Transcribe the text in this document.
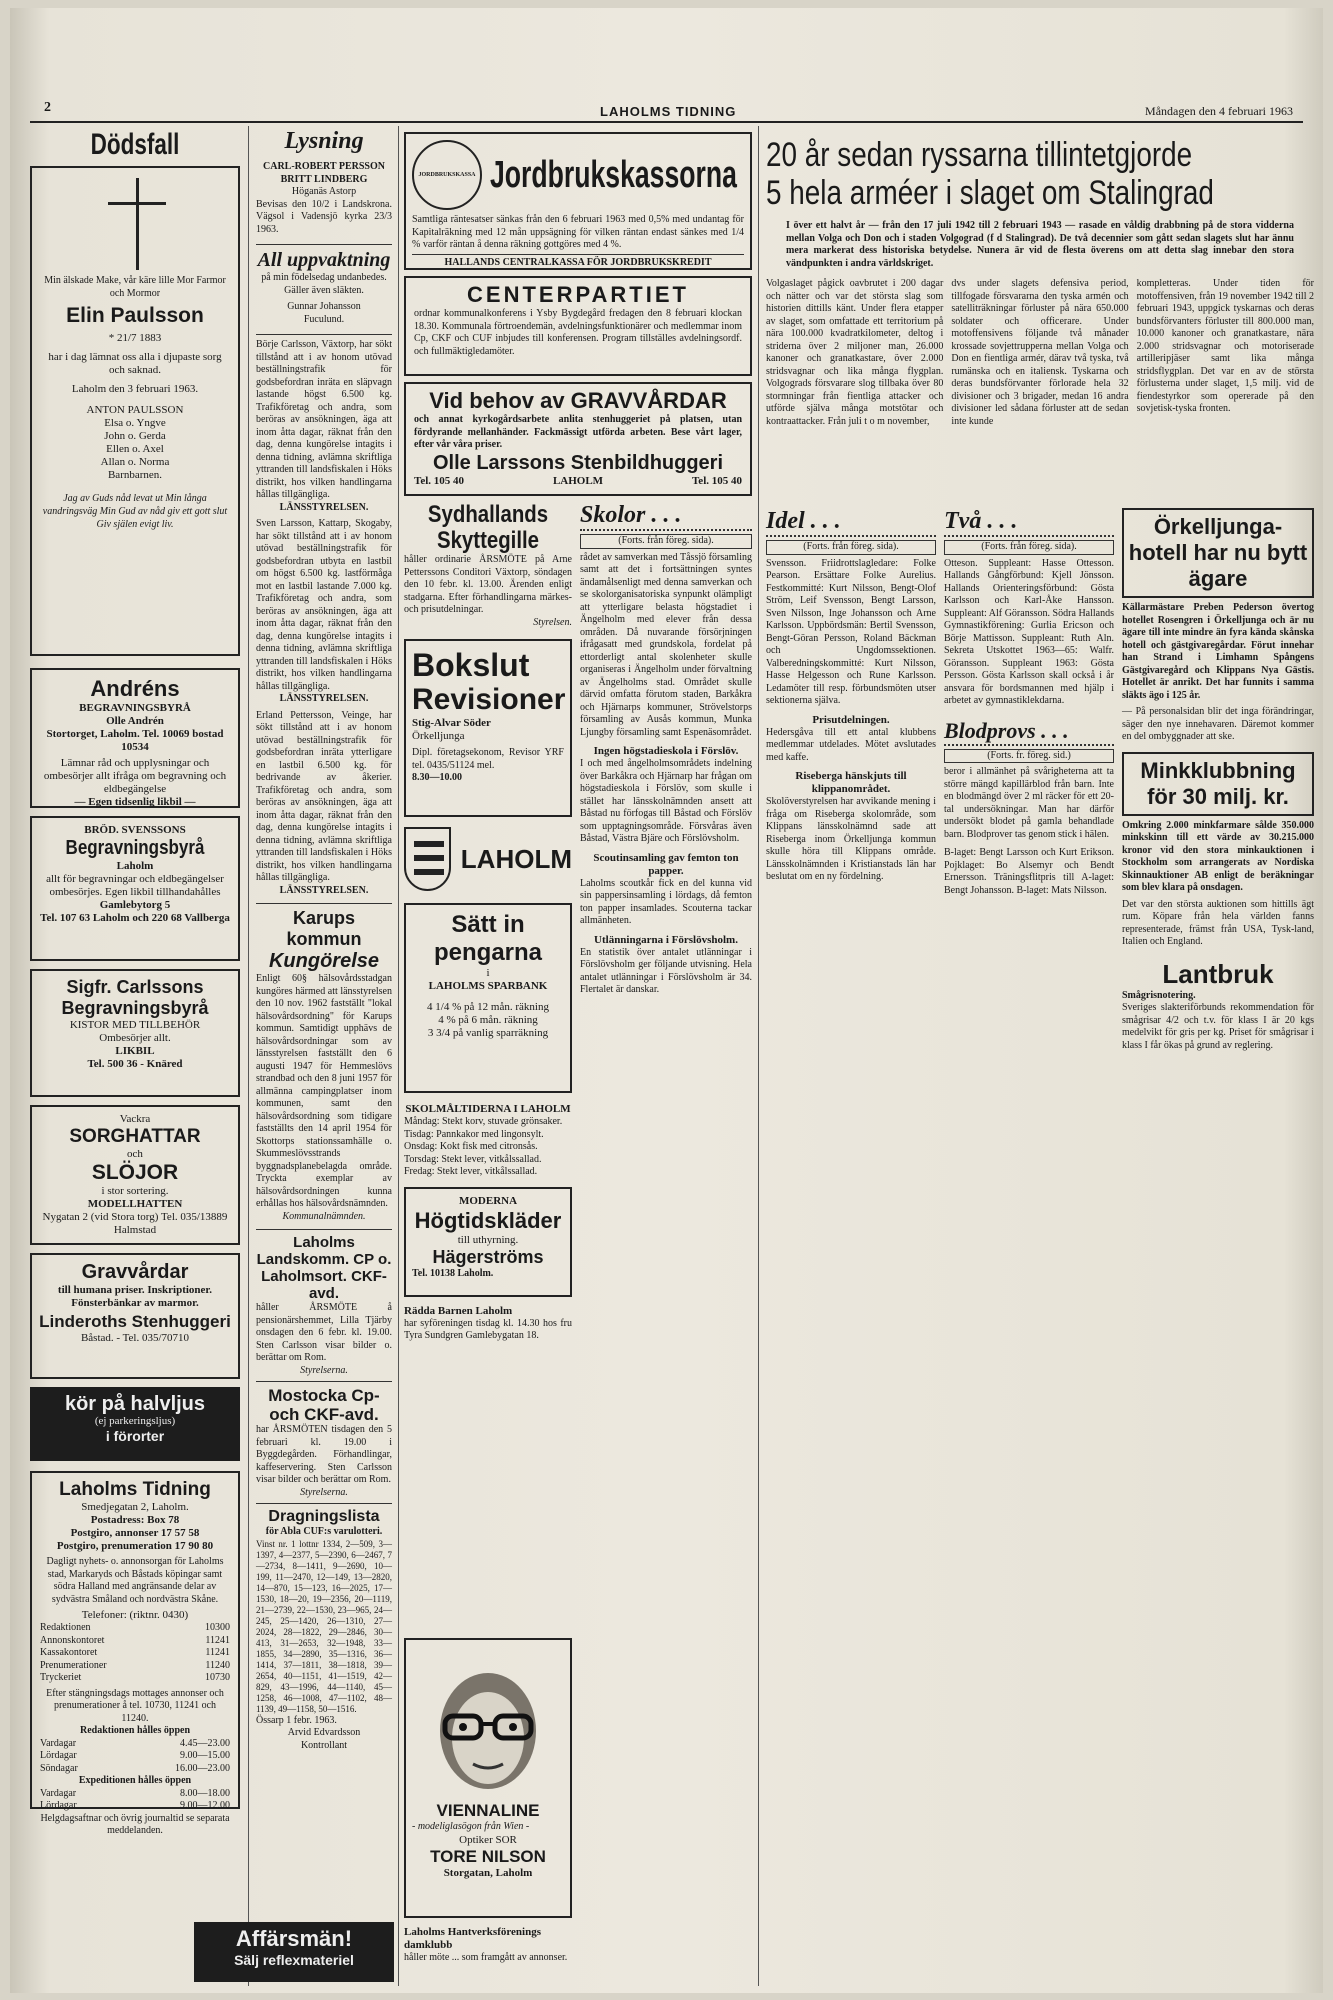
2	LAHOLMS TIDNING	Måndagen den 4 februari 1963
Dödsfall
Min älskade Make, vår käre lille Mor Farmor och Mormor
Elin Paulsson
* 21/7 1883
har i dag lämnat oss alla i djupaste sorg och saknad.
Laholm den 3 februari 1963.
ANTON PAULSSON
Elsa o. Yngve
John o. Gerda
Ellen o. Axel
Allan o. Norma
Barnbarnen.
Jag av Guds nåd levat ut Min långa vandringsväg Min Gud av nåd giv ett gott slut Giv själen evigt liv.
Andréns
BEGRAVNINGSBYRÅ
Olle Andrén
Stortorget, Laholm. Tel. 10069 bostad 10534
Lämnar råd och upplysningar och ombesörjer allt ifråga om begravning och eldbegängelse
— Egen tidsenlig likbil —
BRÖD. SVENSSONS
Begravningsbyrå
Laholm
allt för begravningar och eldbegängelser ombesörjes. Egen likbil tillhandahålles
Gamlebytorg 5
Tel. 107 63 Laholm och 220 68 Vallberga
Sigfr. Carlssons Begravningsbyrå
KISTOR MED TILLBEHÖR
Ombesörjer allt.
LIKBIL
Tel. 500 36 - Knäred
Vackra
SORGHATTAR
och
SLÖJOR
i stor sortering.
MODELLHATTEN
Nygatan 2 (vid Stora torg) Tel. 035/13889 Halmstad
Gravvårdar
till humana priser. Inskriptioner. Fönsterbänkar av marmor.
Linderoths Stenhuggeri
Båstad. - Tel. 035/70710
kör på halvljus
(ej parkeringsljus)
i förorter
Laholms Tidning
Smedjegatan 2, Laholm.
Postadress: Box 78
Postgiro, annonser 17 57 58
Postgiro, prenumeration 17 90 80
Dagligt nyhets- o. annonsorgan för Laholms stad, Markaryds och Båstads köpingar samt södra Halland med angränsande delar av sydvästra Småland och nordvästra Skåne.
Telefoner: (riktnr. 0430)
Redaktionen	10300
Annonskontoret	11241
Kassakontoret	11241
Prenumerationer	11240
Tryckeriet	10730
Efter stängningsdags mottages annonser och prenumerationer å tel. 10730, 11241 och 11240.
Redaktionen hålles öppen
Vardagar	4.45—23.00
Lördagar	9.00—15.00
Söndagar	16.00—23.00
Expeditionen hålles öppen
Vardagar	8.00—18.00
Lördagar	9.00—12.00
Helgdagsaftnar och övrig journaltid se separata meddelanden.
Lysning
CARL-ROBERT PERSSON BRITT LINDBERG
Höganäs Astorp
Bevisas den 10/2 i Landskrona. Vägsol i Vadensjö kyrka 23/3 1963.
All uppvaktning
på min födelsedag undanbedes. Gäller även släkten.
Gunnar Johansson
Fuculund.
Börje Carlsson, Växtorp, har sökt tillstånd att i av honom utövad beställningstrafik för godsbefordran inräta en släpvagn lastande högst 6.500 kg. Trafikföretag och andra, som beröras av ansökningen, äga att inom åtta dagar, räknat från den dag, denna kungörelse intagits i denna tidning, avlämna skriftliga yttranden till landsfiskalen i Höks distrikt, hos vilken handlingarna hållas tillgängliga.
LÄNSSTYRELSEN.
Sven Larsson, Kattarp, Skogaby, har sökt tillstånd att i av honom utövad beställningstrafik för godsbefordran utbyta en lastbil om högst 6.500 kg. lastförmåga mot en lastbil lastande 7.000 kg. Trafikföretag och andra, som beröras av ansökningen, äga att inom åtta dagar, räknat från den dag, denna kungörelse intagits i denna tidning, avlämna skriftliga yttranden till landsfiskalen i Höks distrikt, hos vilken handlingarna hållas tillgängliga.
LÄNSSTYRELSEN.
Erland Pettersson, Veinge, har sökt tillstånd att i av honom utövad beställningstrafik för godsbefordran inräta ytterligare en lastbil 6.500 kg. för bedrivande av åkerier. Trafikföretag och andra, som beröras av ansökningen, äga att inom åtta dagar, räknat från den dag, denna kungörelse intagits i denna tidning, avlämna skriftliga yttranden till landsfiskalen i Höks distrikt, hos vilken handlingarna hållas tillgängliga.
LÄNSSTYRELSEN.
Karups kommun
Kungörelse
Enligt 60§ hälsovårdsstadgan kungöres härmed att länsstyrelsen den 10 nov. 1962 fastställt "lokal hälsovårdsordning" för Karups kommun. Samtidigt upphävs de hälsovårdsordningar som av länsstyrelsen fastställt den 6 augusti 1947 för Hemmeslövs strandbad och den 8 juni 1957 för allmänna campingplatser inom kommunen, samt den hälsovårdsordning som tidigare fastställts den 14 april 1954 för Skottorps stationssamhälle o. Skummeslövsstrands byggnadsplanebelagda område. Tryckta exemplar av hälsovårdsordningen kunna erhållas hos hälsovårdsnämnden.
Kommunalnämnden.
Laholms Landskomm. CP o. Laholmsort. CKF-avd.
håller ÅRSMÖTE å pensionärshemmet, Lilla Tjärby onsdagen den 6 febr. kl. 19.00. Sten Carlsson visar bilder o. berättar om Rom.
Styrelserna.
Mostocka Cp- och CKF-avd.
har ÅRSMÖTEN tisdagen den 5 februari kl. 19.00 i Byggdegården. Förhandlingar, kaffeservering. Sten Carlsson visar bilder och berättar om Rom.
Styrelserna.
Dragningslista
för Abla CUF:s varulotteri.
Vinst nr. 1 lottnr 1334, 2—509, 3—1397, 4—2377, 5—2390, 6—2467, 7—2734, 8—1411, 9—2690, 10—199, 11—2470, 12—149, 13—2820, 14—870, 15—123, 16—2025, 17—1530, 18—20, 19—2356, 20—1119, 21—2739, 22—1530, 23—965, 24—245, 25—1420, 26—1310, 27—2024, 28—1822, 29—2846, 30—413, 31—2653, 32—1948, 33—1855, 34—2890, 35—1316, 36—1414, 37—1811, 38—1818, 39—2654, 40—1151, 41—1519, 42—829, 43—1996, 44—1140, 45—1258, 46—1008, 47—1102, 48—1139, 49—1158, 50—1516.
Össarp 1 febr. 1963.
Arvid Edvardsson
Kontrollant
Affärsmän!
Sälj reflexmateriel
JORDBRUKSKASSA Jordbrukskassorna
Samtliga räntesatser sänkas från den 6 februari 1963 med 0,5% med undantag för Kapitalräkning med 12 mån uppsägning för vilken räntan endast sänkes med 1/4 % varför räntan å denna räkning gottgöres med 4 %.
HALLANDS CENTRALKASSA FÖR JORDBRUKSKREDIT
CENTERPARTIET
ordnar kommunalkonferens i Ysby Bygdegård fredagen den 8 februari klockan 18.30. Kommunala förtroendemän, avdelningsfunktionärer och medlemmar inom Cp, CKF och CUF inbjudes till konferensen. Program tillställes avdelningsordf. och fullmäktigledamöter.
Vid behov av GRAVVÅRDAR
och annat kyrkogårdsarbete anlita stenhuggeriet på platsen, utan fördyrande mellanhänder. Fackmässigt utförda arbeten. Bese vårt lager, efter vår våra priser.
Olle Larssons Stenbildhuggeri
Tel. 105 40	LAHOLM	Tel. 105 40
Sydhallands Skyttegille
håller ordinarie ÅRSMÖTE på Arne Petterssons Conditori Växtorp, söndagen den 10 febr. kl. 13.00. Ärenden enligt stadgarna. Efter förhandlingarna märkes- och prisutdelningar.
Styrelsen.
Bokslut
Revisioner
Stig-Alvar Söder
Örkelljunga
Dipl. företagsekonom, Revisor YRF tel. 0435/51124 mel.
8.30—10.00
LAHOLM
Sätt in
pengarna
i
LAHOLMS SPARBANK
4 1/4 % på 12 mån. räkning
4 % på 6 mån. räkning
3 3/4 på vanlig sparräkning
SKOLMÅLTIDERNA I LAHOLM
Måndag: Stekt korv, stuvade grönsaker.
Tisdag: Pannkakor med lingonsylt.
Onsdag: Kokt fisk med citronsås.
Torsdag: Stekt lever, vitkålssallad.
Fredag: Stekt lever, vitkålssallad.
MODERNA
Högtidskläder
till uthyrning.
Hägerströms
Tel. 10138 Laholm.
Rädda Barnen Laholm
har syföreningen tisdag kl. 14.30 hos fru Tyra Sundgren Gamlebygatan 18.
VIENNALINE
- modeliglasögon från Wien -
Optiker SOR
TORE NILSON
Storgatan, Laholm
Laholms Hantverksförenings damklubb
håller möte ... som framgått av annonser.
Skolor . . .
(Forts. från föreg. sida).
rådet av samverkan med Tåssjö församling samt att det i fortsättningen syntes ändamålsenligt med denna samverkan och se skolorganisatoriska synpunkt olämpligt att ytterligare belasta högstadiet i Ängelholm med elever från dessa områden. Då nuvarande försörjningen ifrågasatt med grundskola, fordelat på ettorderligt antal skolenheter skulle organiseras i Ängelholm under förvaltning av Ängelholms stad. Området skulle därvid omfatta förutom staden, Barkåkra och Hjärnarps kommuner, Strövelstorps församling av Ausås kommun, Munka Ljungby församling samt Espenäsområdet.
Ingen högstadieskola i Förslöv.
I och med ångelholmsområdets indelning över Barkåkra och Hjärnarp har frågan om högstadieskola i Förslöv, som skulle i stället har länsskolnämnden ansett att Båstad nu förfogas till Båstad och Förslöv som upptagningsområde. Försvåras även Båstad, Västra Bjäre och Förslövsholm.
Scoutinsamling gav femton ton papper.
Laholms scoutkår fick en del kunna vid sin pappersinsamling i lördags, då femton ton papper insamlades. Scouterna tackar allmänheten.
Utlänningarna i Förslövsholm.
En statistik över antalet utlänningar i Förslövsholm ger följande utvisning. Hela antalet utlänningar i Förslövsholm är 34. Flertalet är danskar.
20 år sedan ryssarna tillintetgjorde
5 hela arméer i slaget om Stalingrad
I över ett halvt år — från den 17 juli 1942 till 2 februari 1943 — rasade en våldig drabbning på de stora vidderna mellan Volga och Don och i staden Volgograd (f d Stalingrad). De två decennier som gått sedan slagets slut har ännu mera markerat dess historiska betydelse. Nunera är vid de flesta överens om att detta slag innebar den stora vändpunkten i andra världskriget.
Volgaslaget pågick oavbrutet i 200 dagar och nätter och var det största slag som historien dittills känt. Under flera etapper av slaget, som omfattade ett territorium på nära 100.000 kvadratkilometer, deltog i striderna över 2 miljoner man, 26.000 kanoner och granatkastare, över 2.000 stridsvagnar och lika många flygplan. Volgograds försvarare slog tillbaka över 80 stormningar från fientliga attacker och utförde själva många motstötar och kontraattacker. Från juli t o m november,
dvs under slagets defensiva period, tillfogade försvararna den tyska armén och satelliträkningar förluster på nära 650.000 soldater och officerare. Under motoffensivens följande två månader krossade sovjettrupperna mellan Volga och Don en fientliga armér, därav två tyska, två rumänska och en italiensk. Tyskarna och deras bundsförvanter förlorade hela 32 divisioner och 3 brigader, medan 16 andra divisioner led sådana förluster att de sedan inte kunde
kompletteras. Under tiden för motoffensiven, från 19 november 1942 till 2 februari 1943, uppgick tyskarnas och deras bundsförvanters förluster till 800.000 man, 10.000 kanoner och granatkastare, nära 2.000 stridsvagnar och motoriserade artilleripjäser samt lika många stridsflygplan. Det var en av de största förlusterna under slaget, 1,5 milj. vid de fiendestyrkor som opererade på den sovjetisk-tyska fronten.
Idel . . .
(Forts. från föreg. sida).
Svensson. Friidrottslagledare: Folke Pearson. Ersättare Folke Aurelius. Festkommitté: Kurt Nilsson, Bengt-Olof Ström, Leif Svensson, Bengt Larsson, Sven Nilsson, Inge Johansson och Arne Karlsson. Uppbördsmän: Bertil Svensson, Bengt-Göran Persson, Roland Bäckman och Ungdomssektionen. Valberedningskommitté: Kurt Nilsson, Hasse Helgesson och Rune Karlsson. Ledamöter till resp. förbundsmöten utser sektionerna själva.
Prisutdelningen.
Hedersgåva till ett antal klubbens medlemmar utdelades. Mötet avslutades med kaffe.
Riseberga hänskjuts till klippanområdet.
Skolöverstyrelsen har avvikande mening i fråga om Riseberga skolområde, som Klippans länsskolnämnd sade att Riseberga inom Örkelljunga kommun skulle höra till Klippans område. Länsskolnämnden i Kristianstads län har beslutat om en ny fördelning.
Två . . .
(Forts. från föreg. sida).
Otteson. Suppleant: Hasse Ottesson. Hallands Gångförbund: Kjell Jönsson. Hallands Orienteringsförbund: Gösta Karlsson och Karl-Åke Hansson. Suppleant: Alf Göransson. Södra Hallands Gymnastikförening: Gurlia Ericson och Börje Mattisson. Suppleant: Ruth Aln. Sekreta Utskottet 1963—65: Walfr. Göransson. Suppleant 1963: Gösta Persson. Gösta Karlsson skall också i år ansvara för bordsmannen med hjälp i arbetet av gymnastiklekdarna.
Blodprovs . . .
(Forts. fr. föreg. sid.)
beror i allmänhet på svårigheterna att ta större mängd kapillärblod från barn. Inte en blodmängd över 2 ml räcker för ett 20-tal undersökningar. Man har därför undersökt blodet på gamla behandlade barn. Blodprover tas genom stick i hälen.
B-laget: Bengt Larsson och Kurt Erikson. Pojklaget: Bo Alsemyr och Bendt Ernersson. Träningsflitpris till A-laget: Bengt Johansson. B-laget: Mats Nilsson.
Örkelljunga-hotell har nu bytt ägare
Källarmästare Preben Pederson övertog hotellet Rosengren i Örkelljunga och är nu ägare till inte mindre än fyra kända skånska hotell och gästgivaregårdar. Förut innehar han Strand i Limhamn Spångens Gästgivaregård och Klippans Nya Gästis. Hotellet är anrikt. Det har funnits i samma släkts ägo i 125 år.
— På personalsidan blir det inga förändringar, säger den nye innehavaren. Däremot kommer en del ombyggnader att ske.
Minkklubbning för 30 milj. kr.
Omkring 2.000 minkfarmare sålde 350.000 minkskinn till ett värde av 30.215.000 kronor vid den stora minkauktionen i Stockholm som arrangerats av Nordiska Skinnauktioner AB enligt de beräkningar som blev klara på onsdagen.
Det var den största auktionen som hittills ägt rum. Köpare från hela världen fanns representerade, främst från USA, Tysk-land, Italien och England.
Lantbruk
Smågrisnotering.
Sveriges slakteriförbunds rekommendation för smågrisar 4/2 och t.v. för klass I är 20 kgs medelvikt för gris per kg. Priset för smågrisar i klass I får ökas på grund av reglering.
